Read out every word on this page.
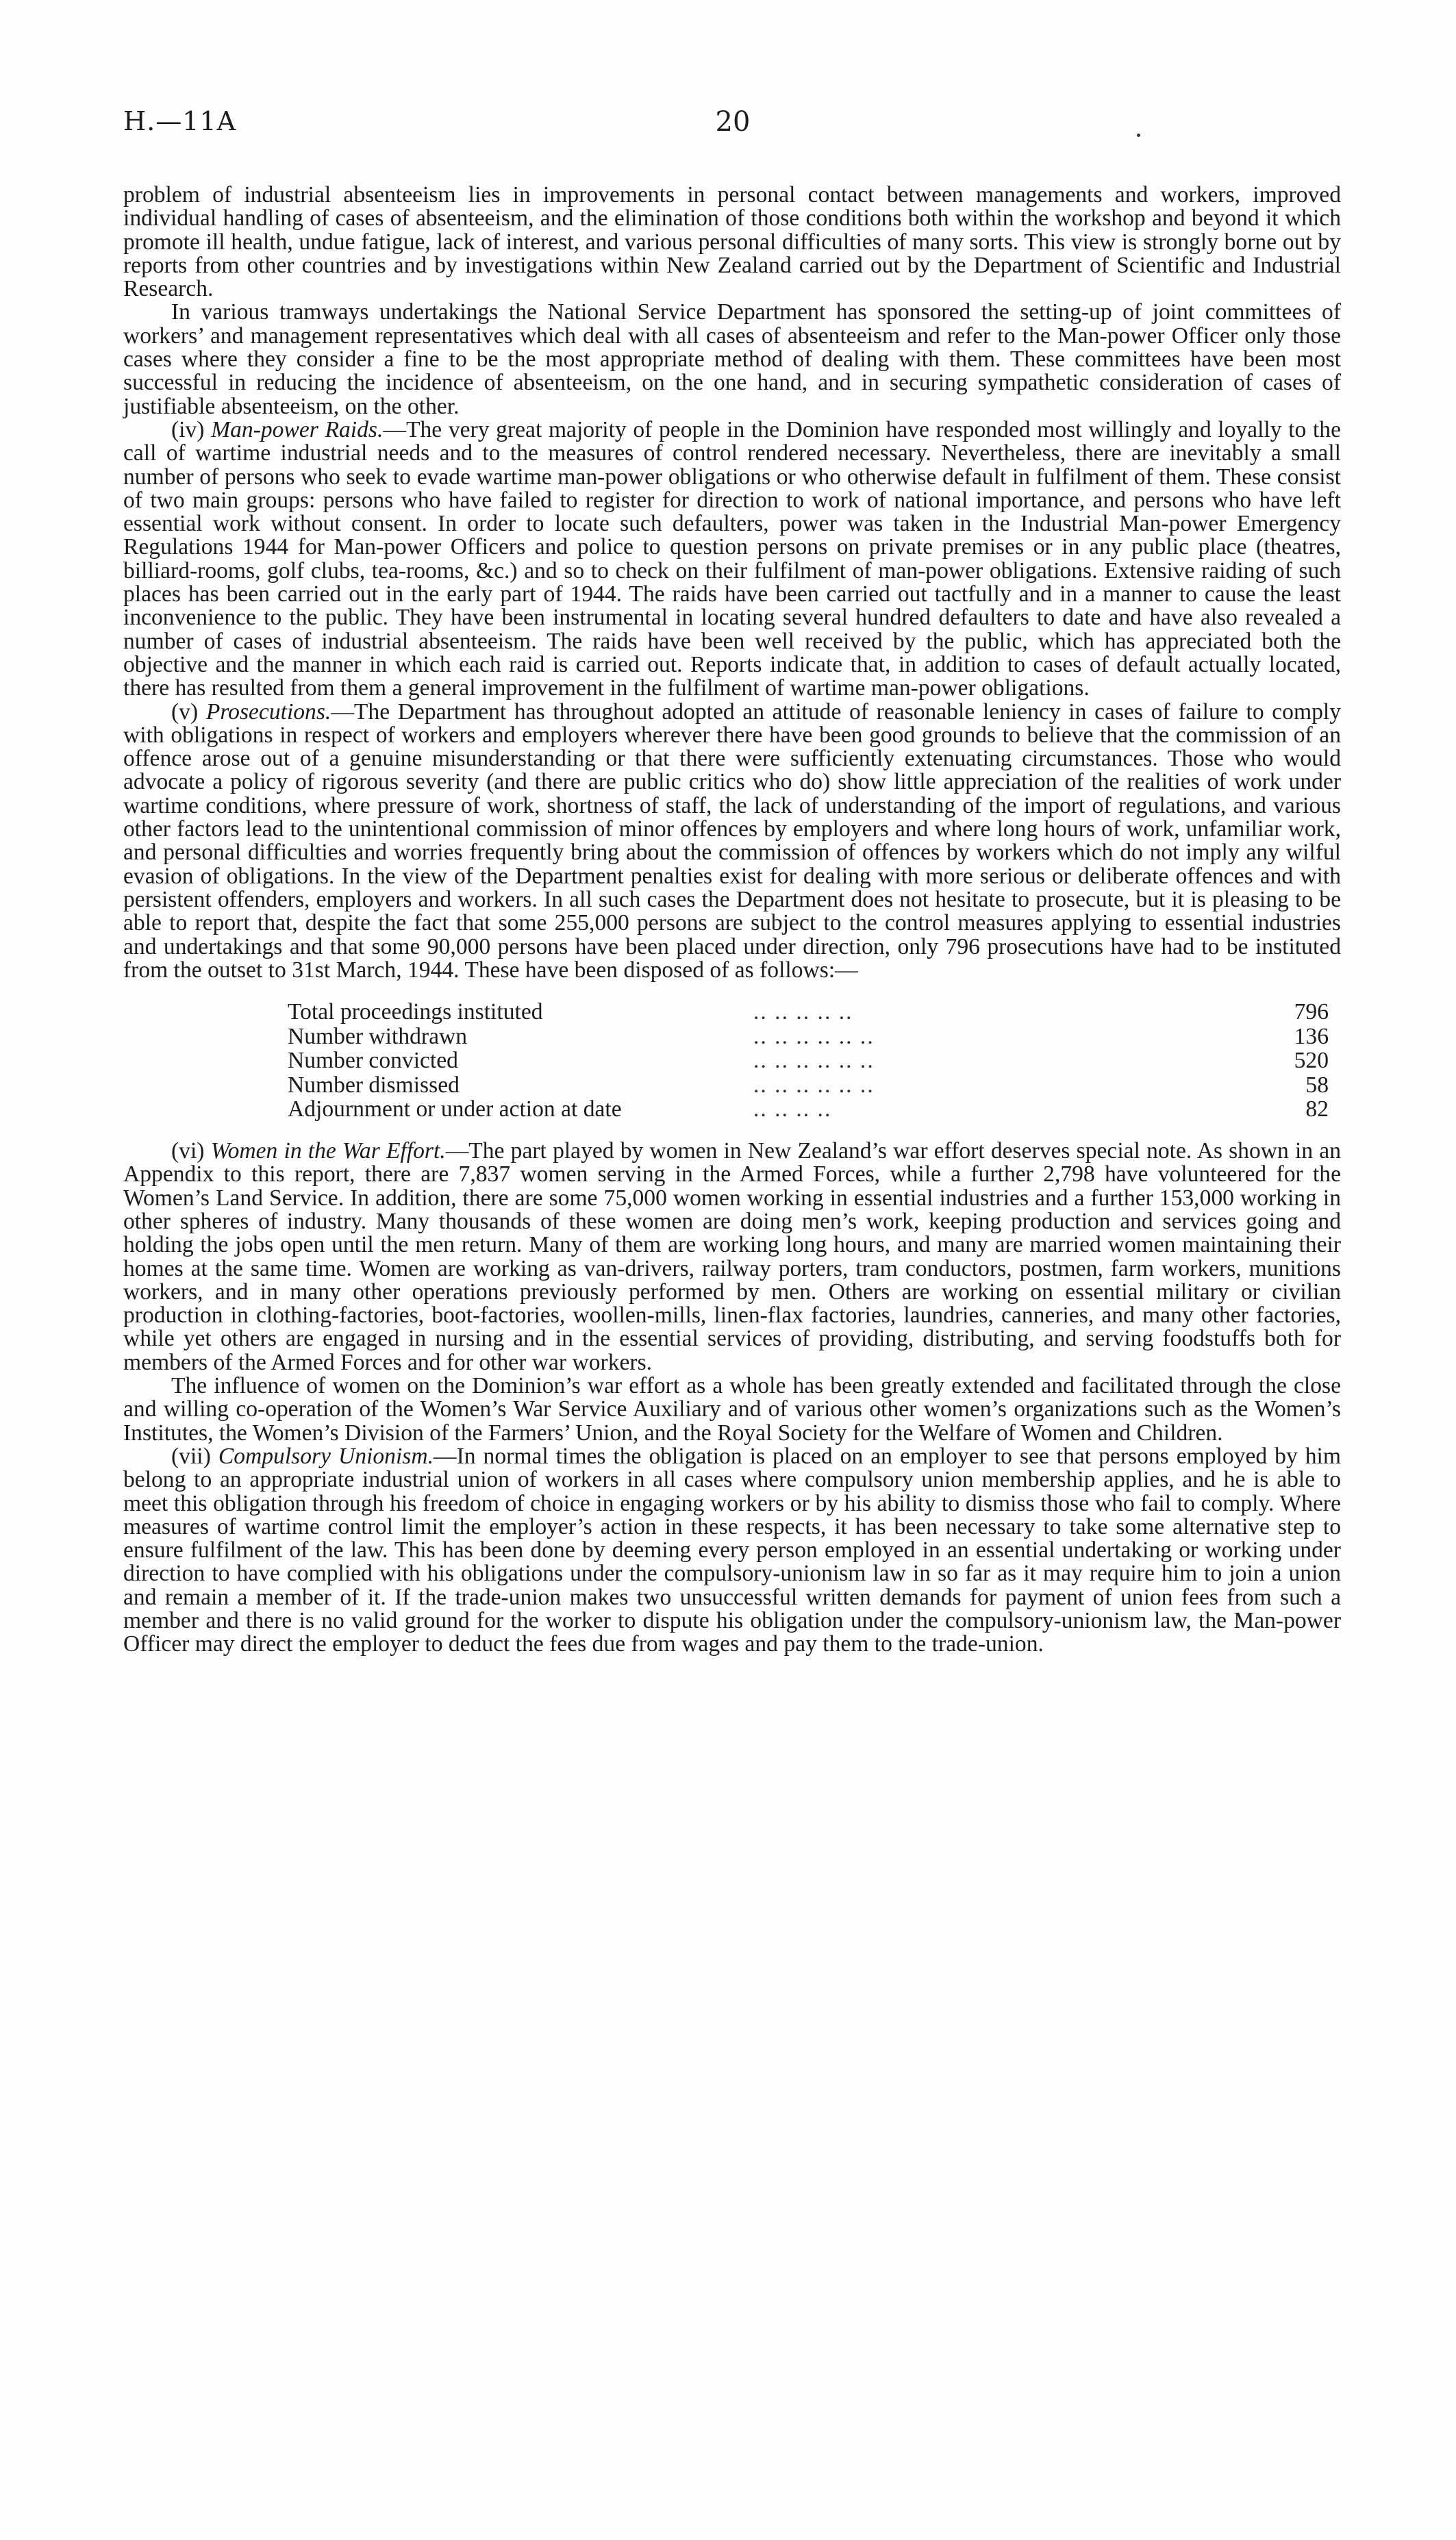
H.—11A	20

problem of industrial absenteeism lies in improvements in personal contact between managements and workers, improved individual handling of cases of absenteeism, and the elimination of those conditions both within the workshop and beyond it which promote ill health, undue fatigue, lack of interest, and various personal difficulties of many sorts. This view is strongly borne out by reports from other countries and by investigations within New Zealand carried out by the Department of Scientific and Industrial Research.

In various tramways undertakings the National Service Department has sponsored the setting-up of joint committees of workers’ and management representatives which deal with all cases of absenteeism and refer to the Man-power Officer only those cases where they consider a fine to be the most appropriate method of dealing with them. These committees have been most successful in reducing the incidence of absenteeism, on the one hand, and in securing sympathetic consideration of cases of justifiable absenteeism, on the other.

(iv) Man-power Raids.—The very great majority of people in the Dominion have responded most willingly and loyally to the call of wartime industrial needs and to the measures of control rendered necessary. Nevertheless, there are inevitably a small number of persons who seek to evade wartime man-power obligations or who otherwise default in fulfilment of them. These consist of two main groups: persons who have failed to register for direction to work of national importance, and persons who have left essential work without consent. In order to locate such defaulters, power was taken in the Industrial Man-power Emergency Regulations 1944 for Man-power Officers and police to question persons on private premises or in any public place (theatres, billiard-rooms, golf clubs, tea-rooms, &c.) and so to check on their fulfilment of man-power obligations. Extensive raiding of such places has been carried out in the early part of 1944. The raids have been carried out tactfully and in a manner to cause the least inconvenience to the public. They have been instrumental in locating several hundred defaulters to date and have also revealed a number of cases of industrial absenteeism. The raids have been well received by the public, which has appreciated both the objective and the manner in which each raid is carried out. Reports indicate that, in addition to cases of default actually located, there has resulted from them a general improvement in the fulfilment of wartime man-power obligations.

(v) Prosecutions.—The Department has throughout adopted an attitude of reasonable leniency in cases of failure to comply with obligations in respect of workers and employers wherever there have been good grounds to believe that the commission of an offence arose out of a genuine misunderstanding or that there were sufficiently extenuating circumstances. Those who would advocate a policy of rigorous severity (and there are public critics who do) show little appreciation of the realities of work under wartime conditions, where pressure of work, shortness of staff, the lack of understanding of the import of regulations, and various other factors lead to the unintentional commission of minor offences by employers and where long hours of work, unfamiliar work, and personal difficulties and worries frequently bring about the commission of offences by workers which do not imply any wilful evasion of obligations. In the view of the Department penalties exist for dealing with more serious or deliberate offences and with persistent offenders, employers and workers. In all such cases the Department does not hesitate to prosecute, but it is pleasing to be able to report that, despite the fact that some 255,000 persons are subject to the control measures applying to essential industries and undertakings and that some 90,000 persons have been placed under direction, only 796 prosecutions have had to be instituted from the outset to 31st March, 1944. These have been disposed of as follows:—

Total proceedings instituted	.. .. .. .. ..	796
Number withdrawn	.. .. .. .. .. ..	136
Number convicted	.. .. .. .. .. ..	520
Number dismissed	.. .. .. .. .. ..	58
Adjournment or under action at date	.. .. .. ..	82

(vi) Women in the War Effort.—The part played by women in New Zealand’s war effort deserves special note. As shown in an Appendix to this report, there are 7,837 women serving in the Armed Forces, while a further 2,798 have volunteered for the Women’s Land Service. In addition, there are some 75,000 women working in essential industries and a further 153,000 working in other spheres of industry. Many thousands of these women are doing men’s work, keeping production and services going and holding the jobs open until the men return. Many of them are working long hours, and many are married women maintaining their homes at the same time. Women are working as van-drivers, railway porters, tram conductors, postmen, farm workers, munitions workers, and in many other operations previously performed by men. Others are working on essential military or civilian production in clothing-factories, boot-factories, woollen-mills, linen-flax factories, laundries, canneries, and many other factories, while yet others are engaged in nursing and in the essential services of providing, distributing, and serving foodstuffs both for members of the Armed Forces and for other war workers.

The influence of women on the Dominion’s war effort as a whole has been greatly extended and facilitated through the close and willing co-operation of the Women’s War Service Auxiliary and of various other women’s organizations such as the Women’s Institutes, the Women’s Division of the Farmers’ Union, and the Royal Society for the Welfare of Women and Children.

(vii) Compulsory Unionism.—In normal times the obligation is placed on an employer to see that persons employed by him belong to an appropriate industrial union of workers in all cases where compulsory union membership applies, and he is able to meet this obligation through his freedom of choice in engaging workers or by his ability to dismiss those who fail to comply. Where measures of wartime control limit the employer’s action in these respects, it has been necessary to take some alternative step to ensure fulfilment of the law. This has been done by deeming every person employed in an essential undertaking or working under direction to have complied with his obligations under the compulsory-unionism law in so far as it may require him to join a union and remain a member of it. If the trade-union makes two unsuccessful written demands for payment of union fees from such a member and there is no valid ground for the worker to dispute his obligation under the compulsory-unionism law, the Man-power Officer may direct the employer to deduct the fees due from wages and pay them to the trade-union.
